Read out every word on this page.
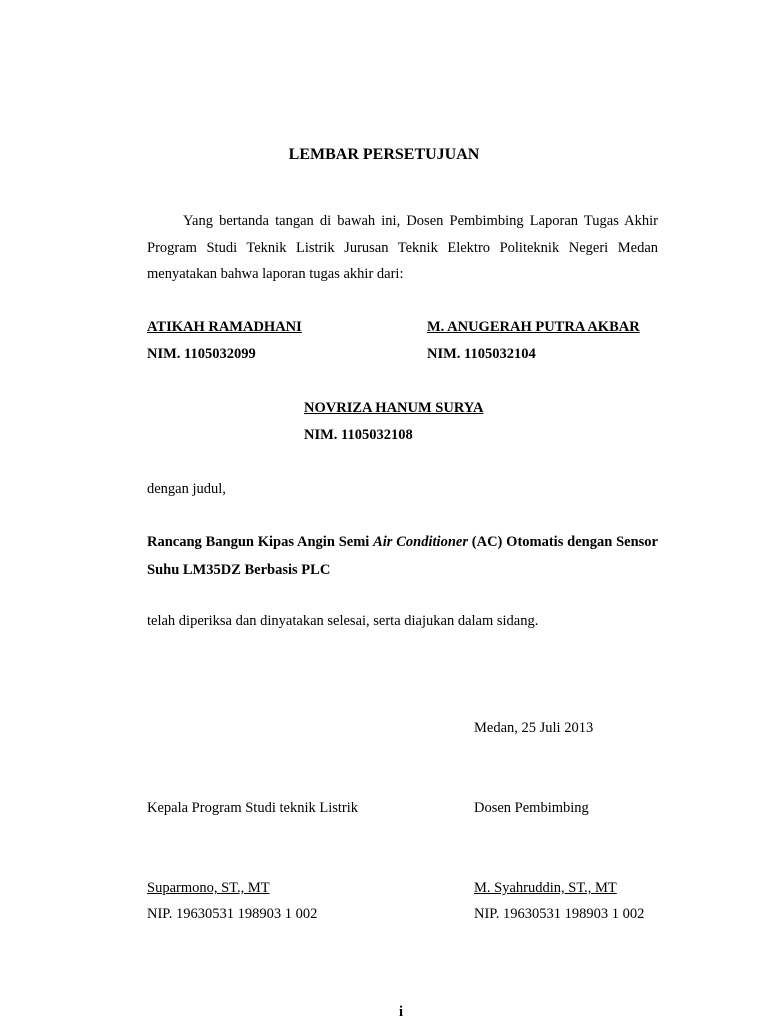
LEMBAR PERSETUJUAN
Yang bertanda tangan di bawah ini, Dosen Pembimbing Laporan Tugas Akhir Program Studi Teknik Listrik Jurusan Teknik Elektro Politeknik Negeri Medan menyatakan bahwa laporan tugas akhir dari:
ATIKAH RAMADHANI
NIM. 1105032099
M. ANUGERAH PUTRA AKBAR
NIM. 1105032104
NOVRIZA HANUM SURYA
NIM. 1105032108
dengan judul,
Rancang Bangun Kipas Angin Semi Air Conditioner (AC) Otomatis dengan Sensor Suhu LM35DZ Berbasis PLC
telah diperiksa dan dinyatakan selesai, serta diajukan dalam sidang.
Medan, 25 Juli 2013
Kepala Program Studi teknik Listrik	Dosen Pembimbing
Suparmono, ST., MT
NIP. 19630531 198903 1 002
M. Syahruddin, ST., MT
NIP. 19630531 198903 1 002
i
